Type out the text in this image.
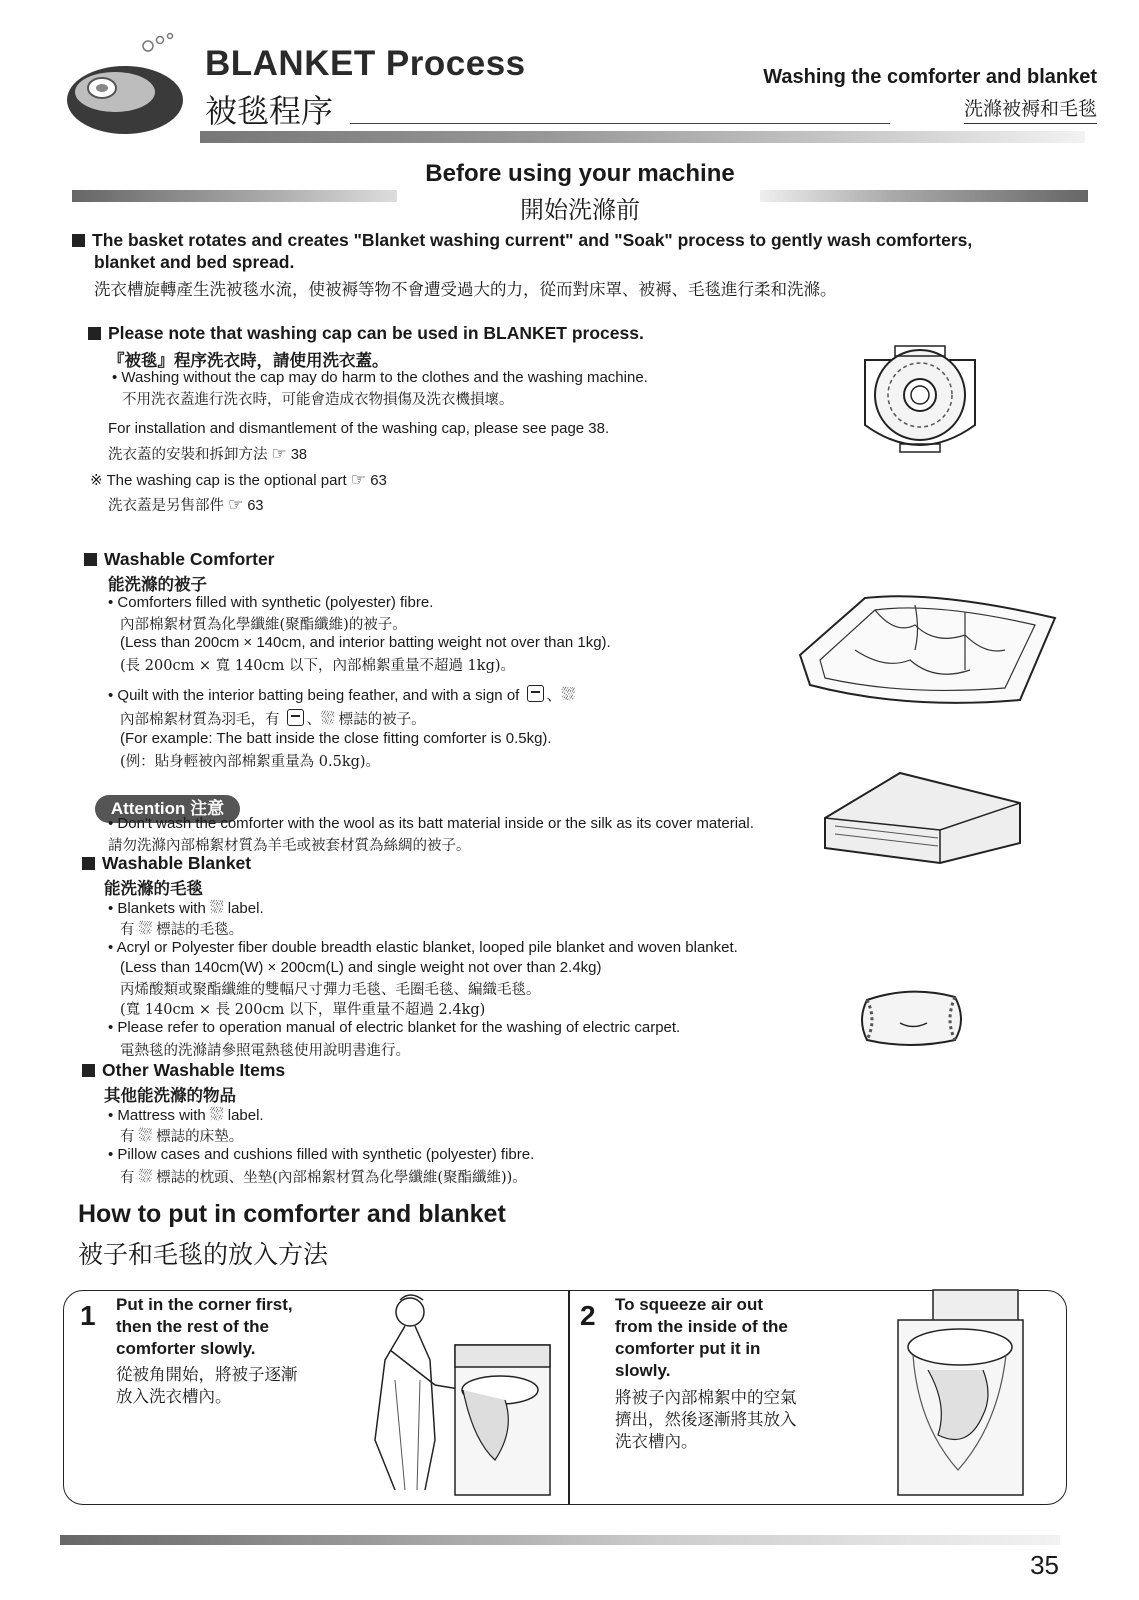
BLANKET Process
被毯程序
Washing the comforter and blanket
洗滌被褥和毛毯
Before using your machine
開始洗滌前
The basket rotates and creates "Blanket washing current" and "Soak" process to gently wash comforters,
blanket and bed spread.
洗衣槽旋轉產生洗被毯水流，使被褥等物不會遭受過大的力，從而對床罩、被褥、毛毯進行柔和洗滌。
Please note that washing cap can be used in BLANKET process.
『被毯』程序洗衣時，請使用洗衣蓋。
• Washing without the cap may do harm to the clothes and the washing machine.
不用洗衣蓋進行洗衣時，可能會造成衣物損傷及洗衣機損壞。
For installation and dismantlement of the washing cap, please see page 38.
洗衣蓋的安裝和拆卸方法 ☞ 38
※ The washing cap is the optional part ☞ 63
洗衣蓋是另售部件 ☞ 63
Washable Comforter
能洗滌的被子
• Comforters filled with synthetic (polyester) fibre.
內部棉絮材質為化學纖維(聚酯纖維)的被子。
(Less than 200cm × 140cm, and interior batting weight not over than 1kg).
(長 200cm × 寬 140cm 以下，內部棉絮重量不超過 1kg)。
• Quilt with the interior batting being feather, and with a sign of 、⛆
內部棉絮材質為羽毛，有 、⛆ 標誌的被子。
(For example: The batt inside the close fitting comforter is 0.5kg).
(例：貼身輕被內部棉絮重量為 0.5kg)。
Attention 注意
• Don't wash the comforter with the wool as its batt material inside or the silk as its cover material.
請勿洗滌內部棉絮材質為羊毛或被套材質為絲綢的被子。
Washable Blanket
能洗滌的毛毯
• Blankets with ⛆ label.
有 ⛆ 標誌的毛毯。
• Acryl or Polyester fiber double breadth elastic blanket, looped pile blanket and woven blanket.
(Less than 140cm(W) × 200cm(L) and single weight not over than 2.4kg)
丙烯酸類或聚酯纖維的雙幅尺寸彈力毛毯、毛圈毛毯、編織毛毯。
(寬 140cm × 長 200cm 以下，單件重量不超過 2.4kg)
• Please refer to operation manual of electric blanket for the washing of electric carpet.
電熱毯的洗滌請參照電熱毯使用說明書進行。
Other Washable Items
其他能洗滌的物品
• Mattress with ⛆ label.
有 ⛆ 標誌的床墊。
• Pillow cases and cushions filled with synthetic (polyester) fibre.
有 ⛆ 標誌的枕頭、坐墊(內部棉絮材質為化學纖維(聚酯纖維))。
How to put in comforter and blanket
被子和毛毯的放入方法
1 Put in the corner first,
then the rest of the
comforter slowly.
從被角開始，將被子逐漸
放入洗衣槽內。
2 To squeeze air out
from the inside of the
comforter put it in
slowly.
將被子內部棉絮中的空氣
擠出，然後逐漸將其放入
洗衣槽內。
35
